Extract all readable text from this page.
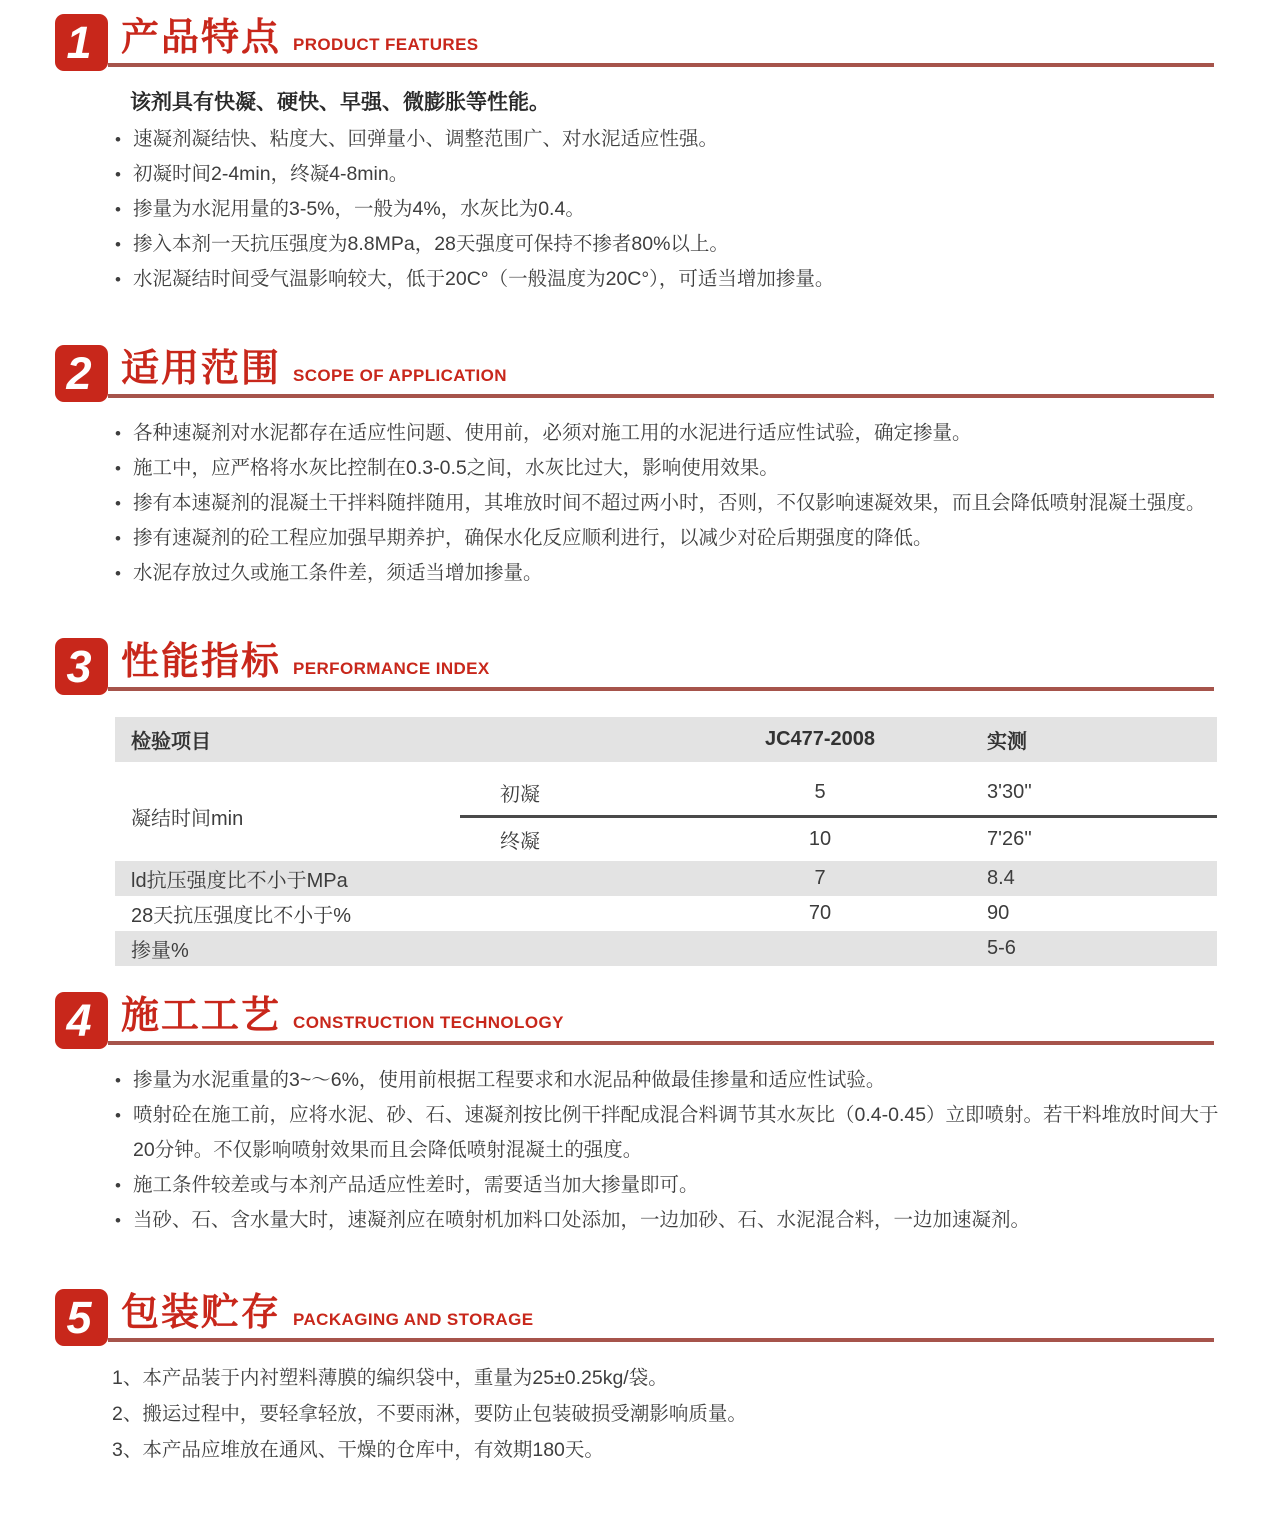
1 产品特点 PRODUCT FEATURES
该剂具有快凝、硬快、早强、微膨胀等性能。
• 速凝剂凝结快、粘度大、回弹量小、调整范围广、对水泥适应性强。
• 初凝时间2-4min，终凝4-8min。
• 掺量为水泥用量的3-5%，一般为4%，水灰比为0.4。
• 掺入本剂一天抗压强度为8.8MPa，28天强度可保持不掺者80%以上。
• 水泥凝结时间受气温影响较大，低于20C°（一般温度为20C°），可适当增加掺量。
2 适用范围 SCOPE OF APPLICATION
• 各种速凝剂对水泥都存在适应性问题、使用前，必须对施工用的水泥进行适应性试验，确定掺量。
• 施工中，应严格将水灰比控制在0.3-0.5之间，水灰比过大，影响使用效果。
• 掺有本速凝剂的混凝土干拌料随拌随用，其堆放时间不超过两小时，否则，不仅影响速凝效果，而且会降低喷射混凝土强度。
• 掺有速凝剂的砼工程应加强早期养护，确保水化反应顺利进行，以减少对砼后期强度的降低。
• 水泥存放过久或施工条件差，须适当增加掺量。
3 性能指标 PERFORMANCE INDEX
检验项目		JC477-2008	实测

凝结时间min	初凝	5	3'30''
	终凝	10	7'26''
ld抗压强度比不小于MPa		7	8.4
28天抗压强度比不小于%		70	90
掺量%			5-6
4 施工工艺 CONSTRUCTION TECHNOLOGY
• 掺量为水泥重量的3~～6%，使用前根据工程要求和水泥品种做最佳掺量和适应性试验。
• 喷射砼在施工前，应将水泥、砂、石、速凝剂按比例干拌配成混合料调节其水灰比（0.4-0.45）立即喷射。若干料堆放时间大于20分钟。不仅影响喷射效果而且会降低喷射混凝土的强度。
• 施工条件较差或与本剂产品适应性差时，需要适当加大掺量即可。
• 当砂、石、含水量大时，速凝剂应在喷射机加料口处添加，一边加砂、石、水泥混合料，一边加速凝剂。
5 包装贮存 PACKAGING AND STORAGE
1、本产品装于内衬塑料薄膜的编织袋中，重量为25±0.25kg/袋。
2、搬运过程中，要轻拿轻放，不要雨淋，要防止包装破损受潮影响质量。
3、本产品应堆放在通风、干燥的仓库中，有效期180天。
